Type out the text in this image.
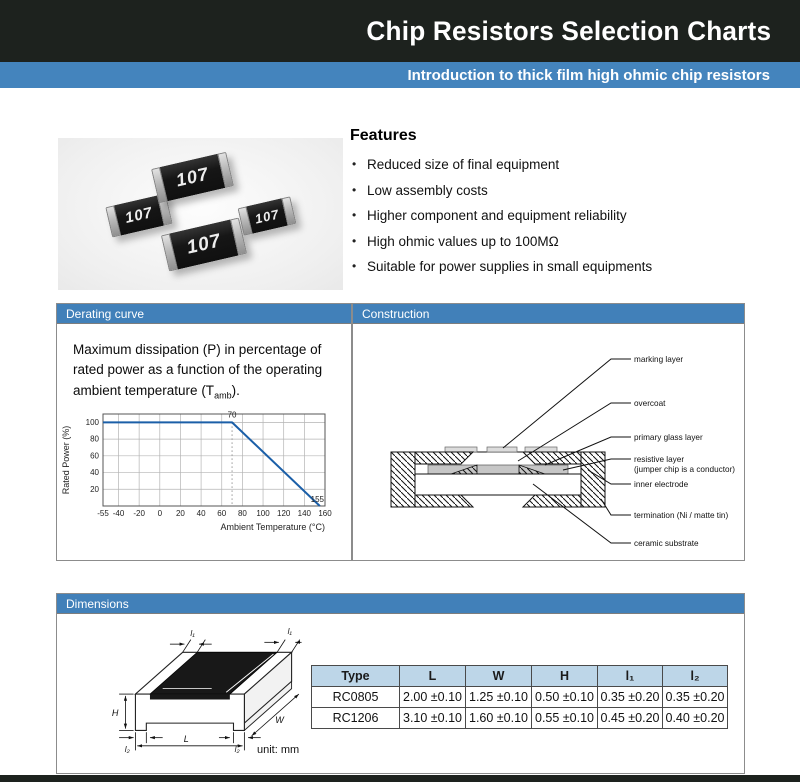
Chip Resistors Selection Charts
Introduction to thick film high ohmic chip resistors
107
107
107
107
Features
• Reduced size of final equipment
• Low assembly costs
• Higher component and equipment reliability
• High ohmic values up to 100MΩ
• Suitable for power supplies in small equipments
Derating curve

Maximum dissipation (P) in percentage of rated power as a function of the operating ambient temperature $(T_{amb})$.

-55 -40 -20 0 20 40 60 80 100 120 140 160
20
40
60
80
100
70
155
Rated Power (%)
Ambient Temperature (°C)
Construction
marking layer
overcoat
primary glass layer
resistive layer (jumper chip is a conductor)
inner electrode
termination (Ni / matte tin)
ceramic substrate
Dimensions
H
L
l₂	l₂
l₁	l₁
W
unit: mm
Type	L	W	H	l₁	l₂
RC0805	2.00 ±0.10	1.25 ±0.10	0.50 ±0.10	0.35 ±0.20	0.35 ±0.20
RC1206	3.10 ±0.10	1.60 ±0.10	0.55 ±0.10	0.45 ±0.20	0.40 ±0.20
